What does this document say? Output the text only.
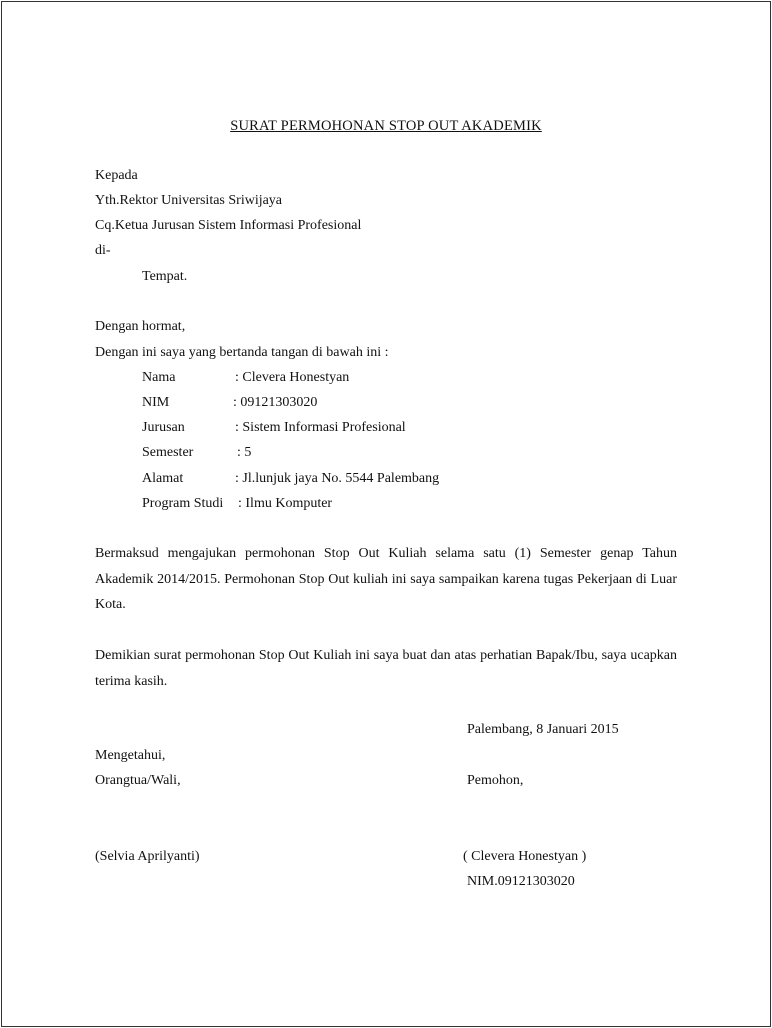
SURAT PERMOHONAN STOP OUT AKADEMIK
Kepada
Yth.Rektor Universitas Sriwijaya
Cq.Ketua Jurusan Sistem Informasi Profesional
di-
Tempat.
Dengan hormat,
Dengan ini saya yang bertanda tangan di bawah ini :
Nama	: Clevera Honestyan
NIM	: 09121303020
Jurusan	: Sistem Informasi Profesional
Semester	: 5
Alamat	: Jl.lunjuk jaya No. 5544 Palembang
Program Studi : Ilmu Komputer
Bermaksud mengajukan permohonan Stop Out Kuliah selama satu (1) Semester genap Tahun Akademik 2014/2015. Permohonan Stop Out kuliah ini saya sampaikan karena tugas Pekerjaan di Luar Kota.
Demikian surat permohonan Stop Out Kuliah ini saya buat dan atas perhatian Bapak/Ibu, saya ucapkan terima kasih.
Palembang, 8 Januari 2015
Mengetahui,
Orangtua/Wali,	Pemohon,
(Selvia Aprilyanti)	( Clevera Honestyan )
NIM.09121303020
